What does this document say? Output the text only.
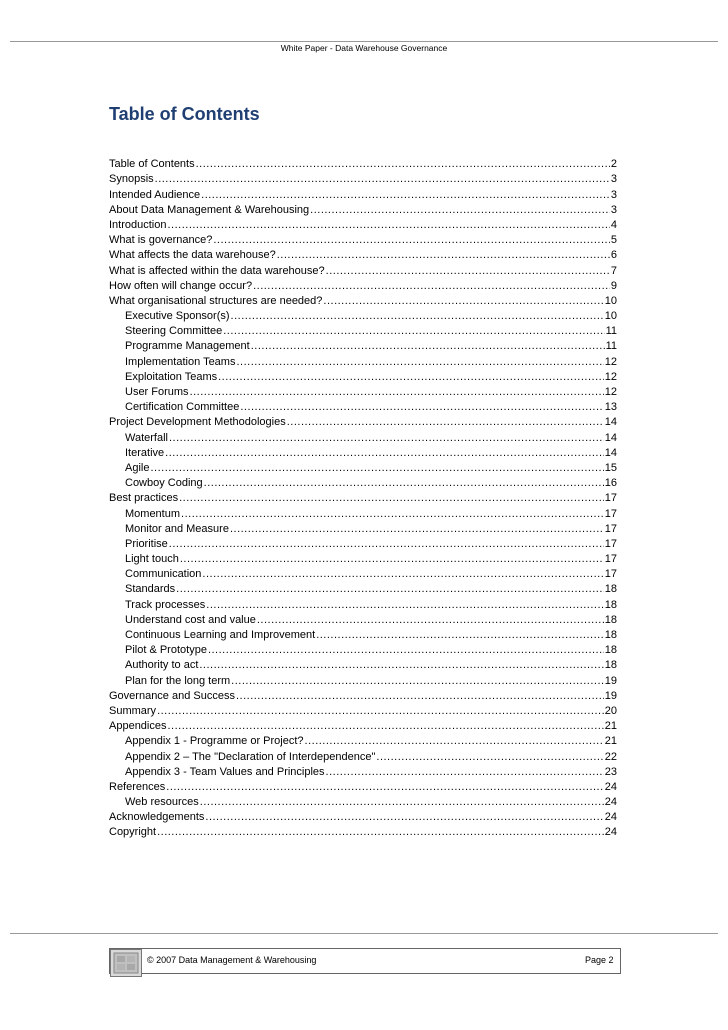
White Paper - Data Warehouse Governance
Table of Contents
Table of Contents .....	2
Synopsis .....	3
Intended Audience .....	3
About Data Management & Warehousing .....	3
Introduction .....	4
What is governance? .....	5
What affects the data warehouse? .....	6
What is affected within the data warehouse? .....	7
How often will change occur? .....	9
What organisational structures are needed? .....	10
Executive Sponsor(s) .....	10
Steering Committee .....	11
Programme Management .....	11
Implementation Teams .....	12
Exploitation Teams .....	12
User Forums .....	12
Certification Committee .....	13
Project Development Methodologies .....	14
Waterfall .....	14
Iterative .....	14
Agile .....	15
Cowboy Coding .....	16
Best practices .....	17
Momentum .....	17
Monitor and Measure .....	17
Prioritise .....	17
Light touch .....	17
Communication .....	17
Standards .....	18
Track processes .....	18
Understand cost and value .....	18
Continuous Learning and Improvement .....	18
Pilot & Prototype .....	18
Authority to act .....	18
Plan for the long term .....	19
Governance and Success .....	19
Summary .....	20
Appendices .....	21
Appendix 1 - Programme or Project? .....	21
Appendix 2 – The "Declaration of Interdependence" .....	22
Appendix 3 - Team Values and Principles .....	23
References .....	24
Web resources .....	24
Acknowledgements .....	24
Copyright .....	24
© 2007 Data Management & Warehousing	Page 2
